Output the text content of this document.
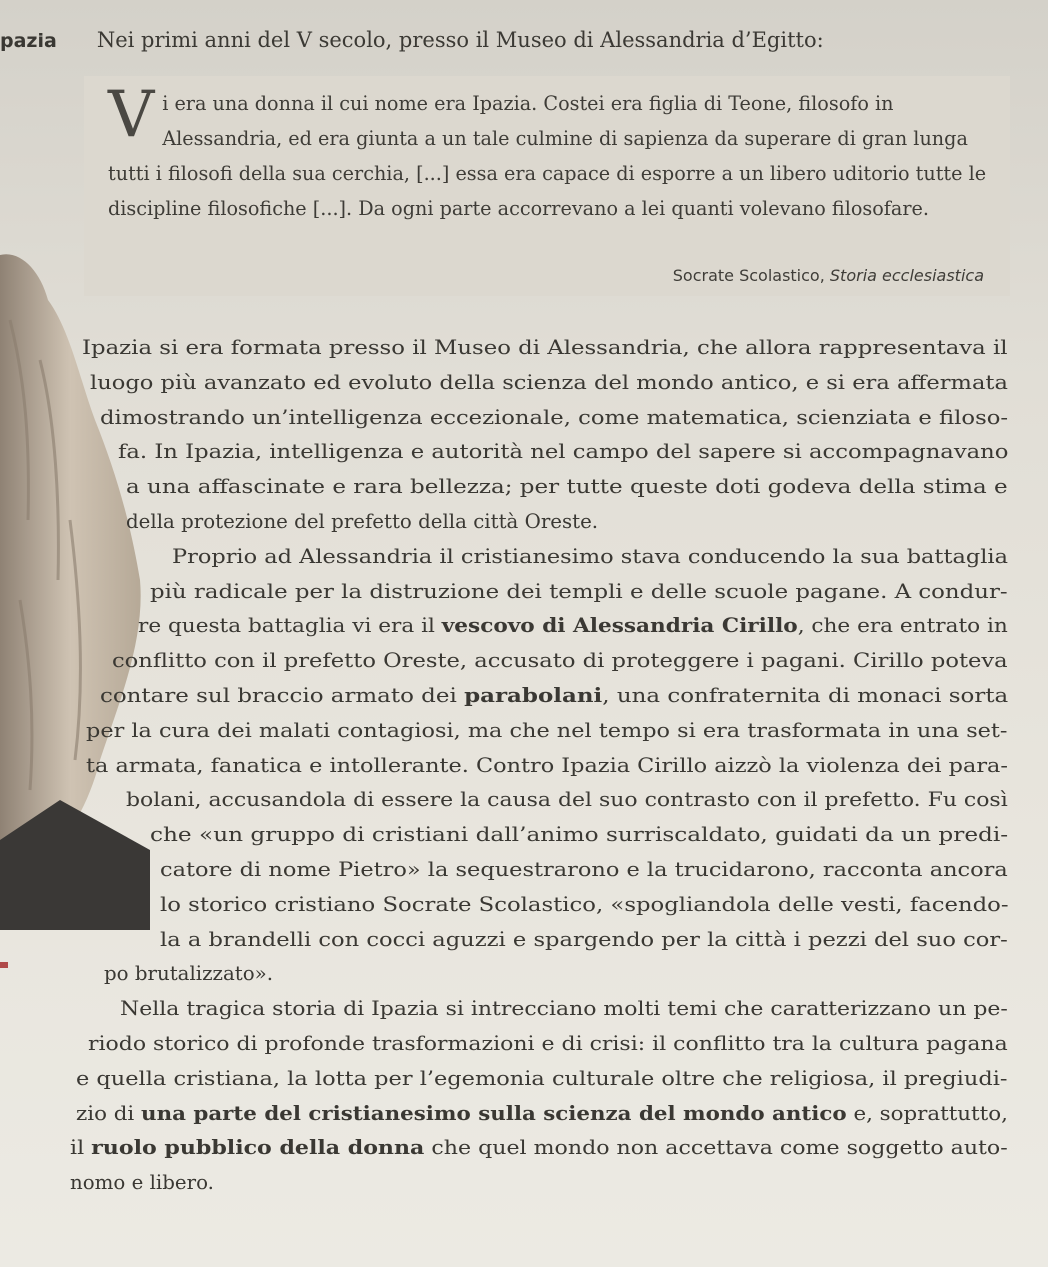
pazia Nei primi anni del V secolo, presso il Museo di Alessandria d’Egitto:
Vi era una donna il cui nome era Ipazia. Costei era figlia di Teone, filosofo in Alessandria, ed era giunta a un tale culmine di sapienza da superare di gran lunga tutti i filosofi della sua cerchia, [...] essa era capace di esporre a un libero uditorio tutte le discipline filosofiche [...]. Da ogni parte accorrevano a lei quanti volevano filosofare.
Socrate Scolastico, Storia ecclesiastica
Ipazia si era formata presso il Museo di Alessandria, che allora rappresentava il
luogo più avanzato ed evoluto della scienza del mondo antico, e si era affermata
dimostrando un’intelligenza eccezionale, come matematica, scienziata e filoso-
fa. In Ipazia, intelligenza e autorità nel campo del sapere si accompagnavano
a una affascinate e rara bellezza; per tutte queste doti godeva della stima e
della protezione del prefetto della città Oreste.
Proprio ad Alessandria il cristianesimo stava conducendo la sua battaglia
più radicale per la distruzione dei templi e delle scuole pagane. A condur-
re questa battaglia vi era il vescovo di Alessandria Cirillo, che era entrato in
conflitto con il prefetto Oreste, accusato di proteggere i pagani. Cirillo poteva
contare sul braccio armato dei parabolani, una confraternita di monaci sorta
per la cura dei malati contagiosi, ma che nel tempo si era trasformata in una set-
ta armata, fanatica e intollerante. Contro Ipazia Cirillo aizzò la violenza dei para-
bolani, accusandola di essere la causa del suo contrasto con il prefetto. Fu così
che «un gruppo di cristiani dall’animo surriscaldato, guidati da un predi-
catore di nome Pietro» la sequestrarono e la trucidarono, racconta ancora
lo storico cristiano Socrate Scolastico, «spogliandola delle vesti, facendo-
la a brandelli con cocci aguzzi e spargendo per la città i pezzi del suo cor-
po brutalizzato».
Nella tragica storia di Ipazia si intrecciano molti temi che caratterizzano un pe-
riodo storico di profonde trasformazioni e di crisi: il conflitto tra la cultura pagana
e quella cristiana, la lotta per l’egemonia culturale oltre che religiosa, il pregiudi-
zio di una parte del cristianesimo sulla scienza del mondo antico e, soprattutto,
il ruolo pubblico della donna che quel mondo non accettava come soggetto auto-
nomo e libero.
